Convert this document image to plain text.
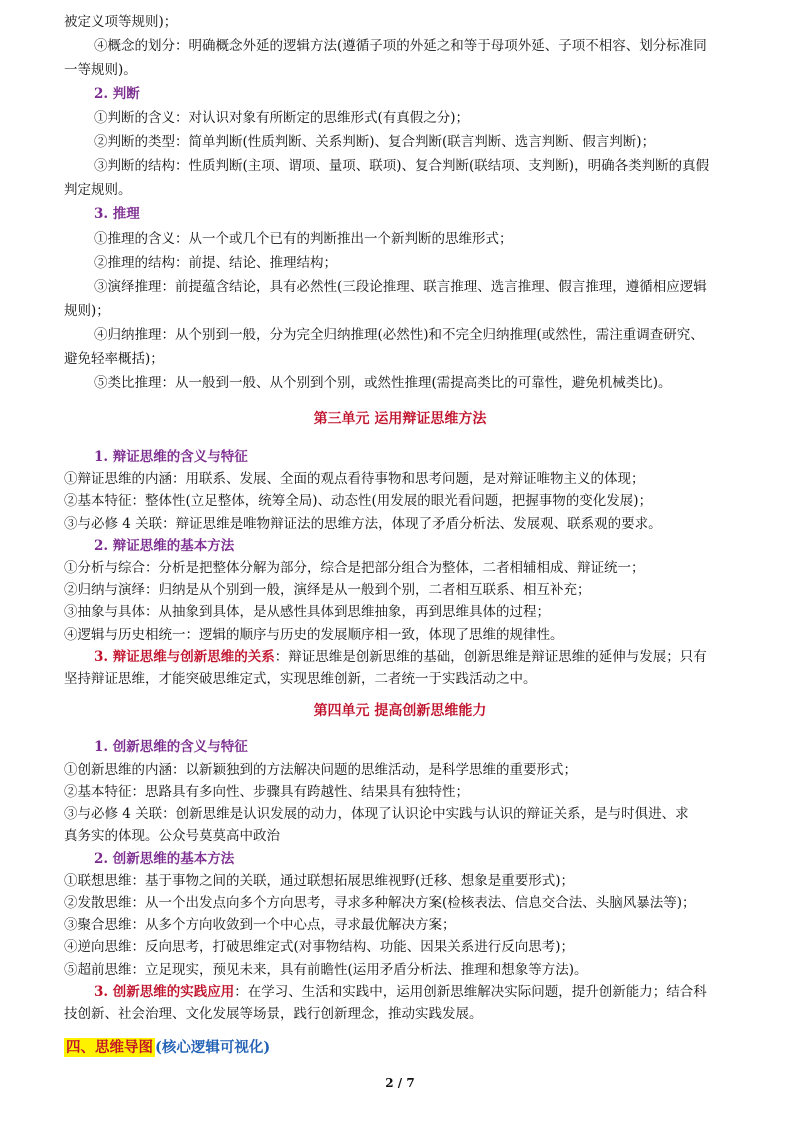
被定义项等规则)；
④概念的划分：明确概念外延的逻辑方法(遵循子项的外延之和等于母项外延、子项不相容、划分标准同
一等规则)。
2. 判断
①判断的含义：对认识对象有所断定的思维形式(有真假之分)；
②判断的类型：简单判断(性质判断、关系判断)、复合判断(联言判断、选言判断、假言判断)；
③判断的结构：性质判断(主项、谓项、量项、联项)、复合判断(联结项、支判断)，明确各类判断的真假
判定规则。
3. 推理
①推理的含义：从一个或几个已有的判断推出一个新判断的思维形式；
②推理的结构：前提、结论、推理结构；
③演绎推理：前提蕴含结论，具有必然性(三段论推理、联言推理、选言推理、假言推理，遵循相应逻辑
规则)；
④归纳推理：从个别到一般，分为完全归纳推理(必然性)和不完全归纳推理(或然性，需注重调查研究、
避免轻率概括)；
⑤类比推理：从一般到一般、从个别到个别，或然性推理(需提高类比的可靠性，避免机械类比)。
第三单元 运用辩证思维方法
1. 辩证思维的含义与特征
①辩证思维的内涵：用联系、发展、全面的观点看待事物和思考问题，是对辩证唯物主义的体现；
②基本特征：整体性(立足整体，统筹全局)、动态性(用发展的眼光看问题，把握事物的变化发展)；
③与必修 4 关联：辩证思维是唯物辩证法的思维方法，体现了矛盾分析法、发展观、联系观的要求。
2. 辩证思维的基本方法
①分析与综合：分析是把整体分解为部分，综合是把部分组合为整体，二者相辅相成、辩证统一；
②归纳与演绎：归纳是从个别到一般，演绎是从一般到个别，二者相互联系、相互补充；
③抽象与具体：从抽象到具体，是从感性具体到思维抽象，再到思维具体的过程；
④逻辑与历史相统一：逻辑的顺序与历史的发展顺序相一致，体现了思维的规律性。
3. 辩证思维与创新思维的关系：辩证思维是创新思维的基础，创新思维是辩证思维的延伸与发展；只有
坚持辩证思维，才能突破思维定式，实现思维创新，二者统一于实践活动之中。
第四单元 提高创新思维能力
1. 创新思维的含义与特征
①创新思维的内涵：以新颖独到的方法解决问题的思维活动，是科学思维的重要形式；
②基本特征：思路具有多向性、步骤具有跨越性、结果具有独特性；
③与必修 4 关联：创新思维是认识发展的动力，体现了认识论中实践与认识的辩证关系，是与时俱进、求
真务实的体现。公众号莫莫高中政治
2. 创新思维的基本方法
①联想思维：基于事物之间的关联，通过联想拓展思维视野(迁移、想象是重要形式)；
②发散思维：从一个出发点向多个方向思考，寻求多种解决方案(检核表法、信息交合法、头脑风暴法等)；
③聚合思维：从多个方向收敛到一个中心点，寻求最优解决方案；
④逆向思维：反向思考，打破思维定式(对事物结构、功能、因果关系进行反向思考)；
⑤超前思维：立足现实，预见未来，具有前瞻性(运用矛盾分析法、推理和想象等方法)。
3. 创新思维的实践应用：在学习、生活和实践中，运用创新思维解决实际问题，提升创新能力；结合科
技创新、社会治理、文化发展等场景，践行创新理念，推动实践发展。
四、思维导图 (核心逻辑可视化)
2 / 7
